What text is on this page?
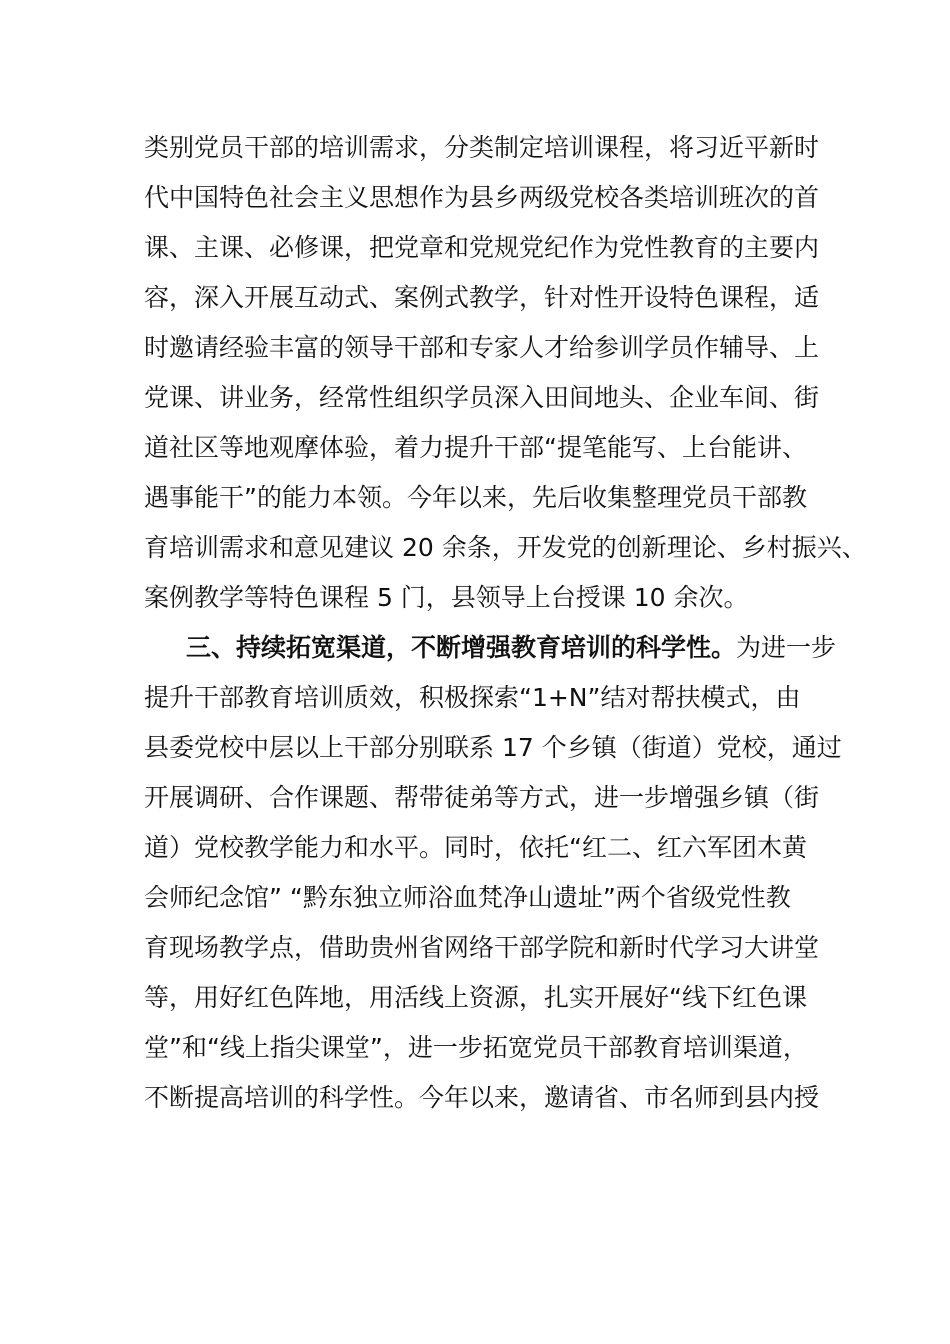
类别党员干部的培训需求，分类制定培训课程，将习近平新时
代中国特色社会主义思想作为县乡两级党校各类培训班次的首
课、主课、必修课，把党章和党规党纪作为党性教育的主要内
容，深入开展互动式、案例式教学，针对性开设特色课程，适
时邀请经验丰富的领导干部和专家人才给参训学员作辅导、上
党课、讲业务，经常性组织学员深入田间地头、企业车间、街
道社区等地观摩体验，着力提升干部“提笔能写、上台能讲、
遇事能干”的能力本领。今年以来，先后收集整理党员干部教
育培训需求和意见建议 20 余条，开发党的创新理论、乡村振兴、
案例教学等特色课程 5 门，县领导上台授课 10 余次。
三、持续拓宽渠道，不断增强教育培训的科学性。为进一步
提升干部教育培训质效，积极探索“1+N”结对帮扶模式，由
县委党校中层以上干部分别联系 17 个乡镇（街道）党校，通过
开展调研、合作课题、帮带徒弟等方式，进一步增强乡镇（街
道）党校教学能力和水平。同时，依托“红二、红六军团木黄
会师纪念馆” “黔东独立师浴血梵净山遗址”两个省级党性教
育现场教学点，借助贵州省网络干部学院和新时代学习大讲堂
等，用好红色阵地，用活线上资源，扎实开展好“线下红色课
堂”和“线上指尖课堂”，进一步拓宽党员干部教育培训渠道，
不断提高培训的科学性。今年以来，邀请省、市名师到县内授
